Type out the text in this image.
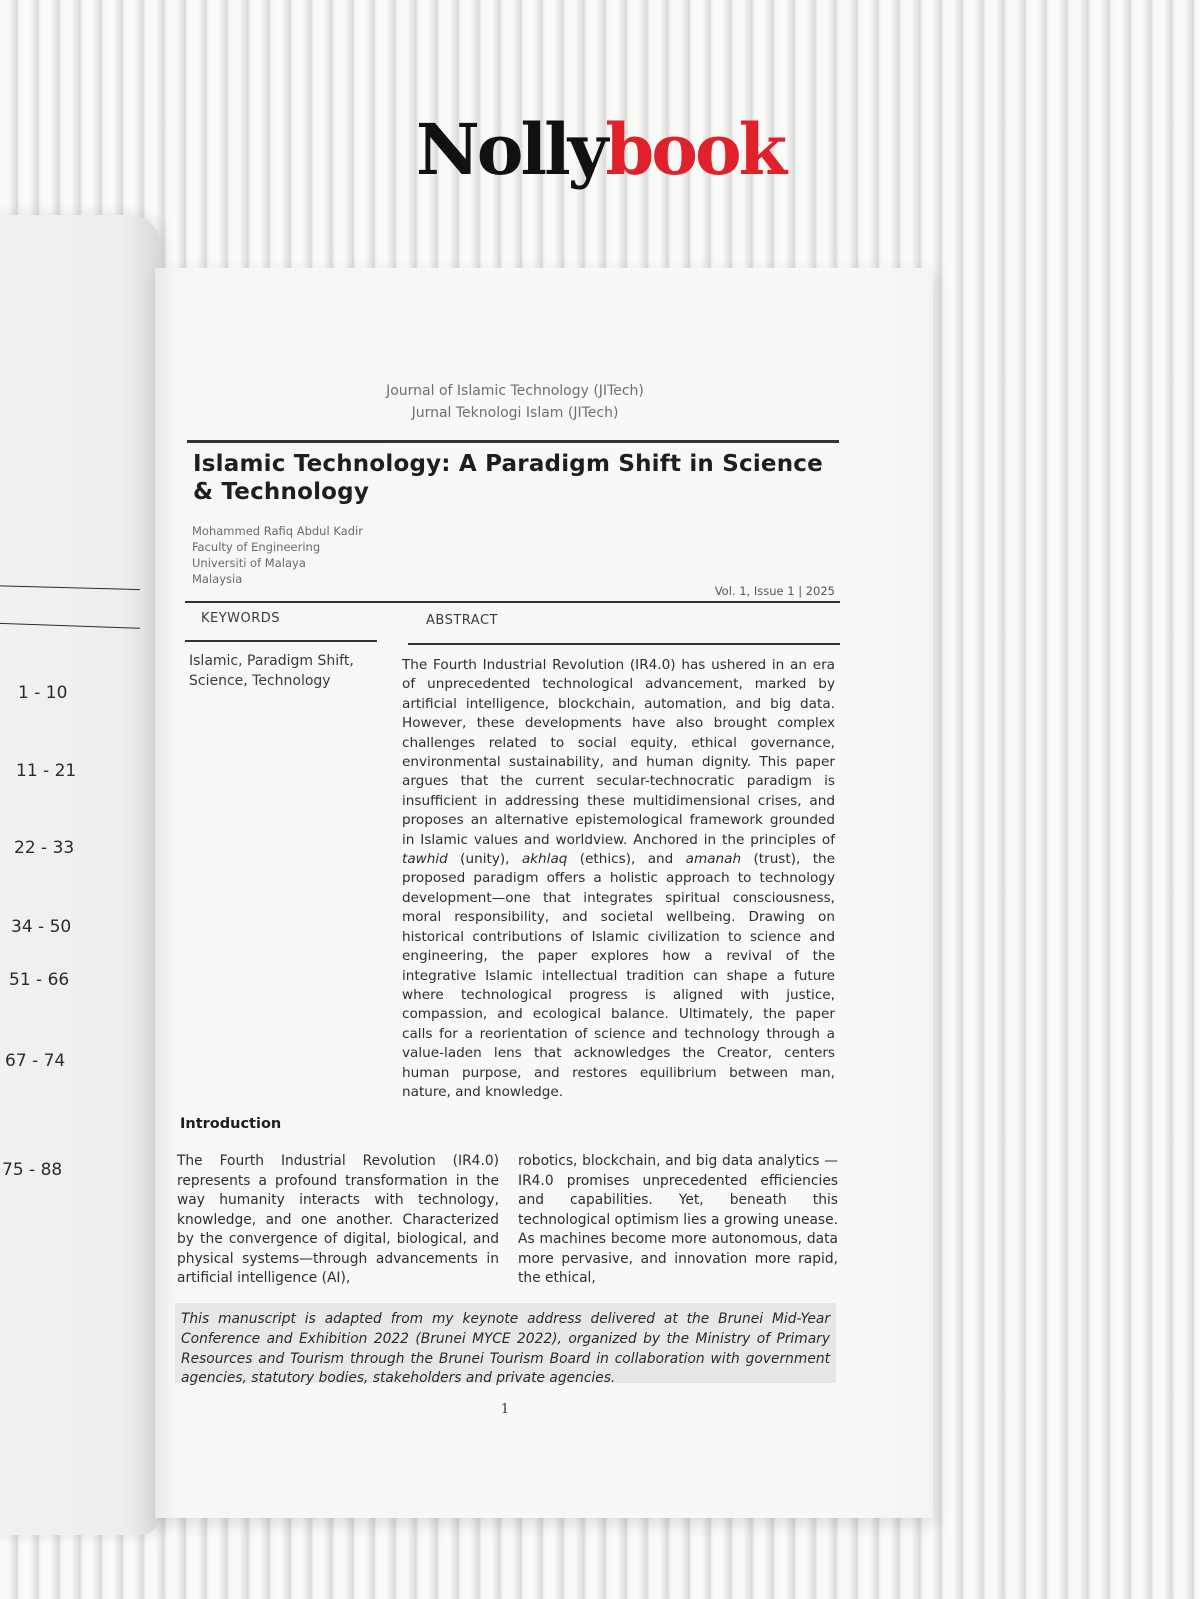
Nollybook
1 - 10
11 - 21
22 - 33
34 - 50
51 - 66
67 - 74
75 - 88
Journal of Islamic Technology (JITech)
Jurnal Teknologi Islam (JITech)
Islamic Technology: A Paradigm Shift in Science & Technology
Mohammed Rafiq Abdul Kadir
Faculty of Engineering
Universiti of Malaya
Malaysia
Vol. 1, Issue 1 | 2025
KEYWORDS	ABSTRACT
Islamic, Paradigm Shift, Science, Technology
The Fourth Industrial Revolution (IR4.0) has ushered in an era of unprecedented technological advancement, marked by artificial intelligence, blockchain, automation, and big data. However, these developments have also brought complex challenges related to social equity, ethical governance, environmental sustainability, and human dignity. This paper argues that the current secular-technocratic paradigm is insufficient in addressing these multidimensional crises, and proposes an alternative epistemological framework grounded in Islamic values and worldview. Anchored in the principles of tawhid (unity), akhlaq (ethics), and amanah (trust), the proposed paradigm offers a holistic approach to technology development—one that integrates spiritual consciousness, moral responsibility, and societal wellbeing. Drawing on historical contributions of Islamic civilization to science and engineering, the paper explores how a revival of the integrative Islamic intellectual tradition can shape a future where technological progress is aligned with justice, compassion, and ecological balance. Ultimately, the paper calls for a reorientation of science and technology through a value-laden lens that acknowledges the Creator, centers human purpose, and restores equilibrium between man, nature, and knowledge.
Introduction
The Fourth Industrial Revolution (IR4.0) represents a profound transformation in the way humanity interacts with technology, knowledge, and one another. Characterized by the convergence of digital, biological, and physical systems—through advancements in artificial intelligence (AI),
robotics, blockchain, and big data analytics —IR4.0 promises unprecedented efficiencies and capabilities. Yet, beneath this technological optimism lies a growing unease. As machines become more autonomous, data more pervasive, and innovation more rapid, the ethical,
This manuscript is adapted from my keynote address delivered at the Brunei Mid-Year Conference and Exhibition 2022 (Brunei MYCE 2022), organized by the Ministry of Primary Resources and Tourism through the Brunei Tourism Board in collaboration with government agencies, statutory bodies, stakeholders and private agencies.
1
